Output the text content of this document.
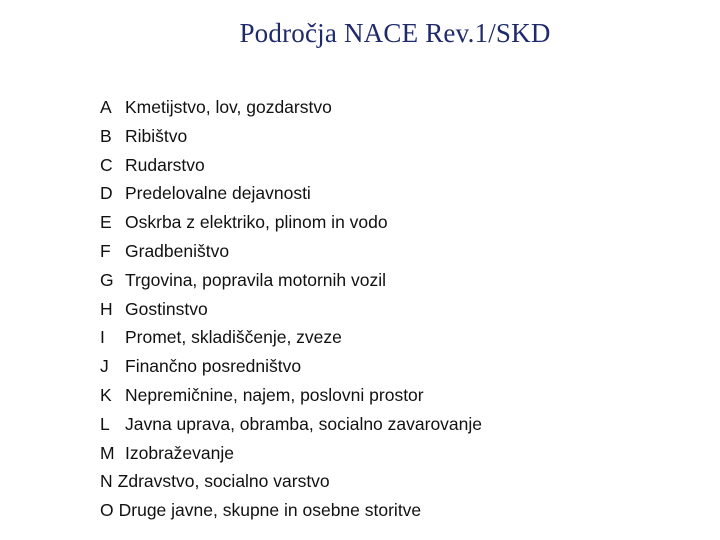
Področja NACE Rev.1/SKD
A Kmetijstvo, lov, gozdarstvo
B Ribištvo
C Rudarstvo
D Predelovalne dejavnosti
E Oskrba z elektriko, plinom in vodo
F Gradbeništvo
G Trgovina, popravila motornih vozil
H Gostinstvo
I	Promet, skladiščenje, zveze
J Finančno posredništvo
K Nepremičnine, najem, poslovni prostor
L Javna uprava, obramba, socialno zavarovanje
M Izobraževanje
N Zdravstvo, socialno varstvo
O Druge javne, skupne in osebne storitve
